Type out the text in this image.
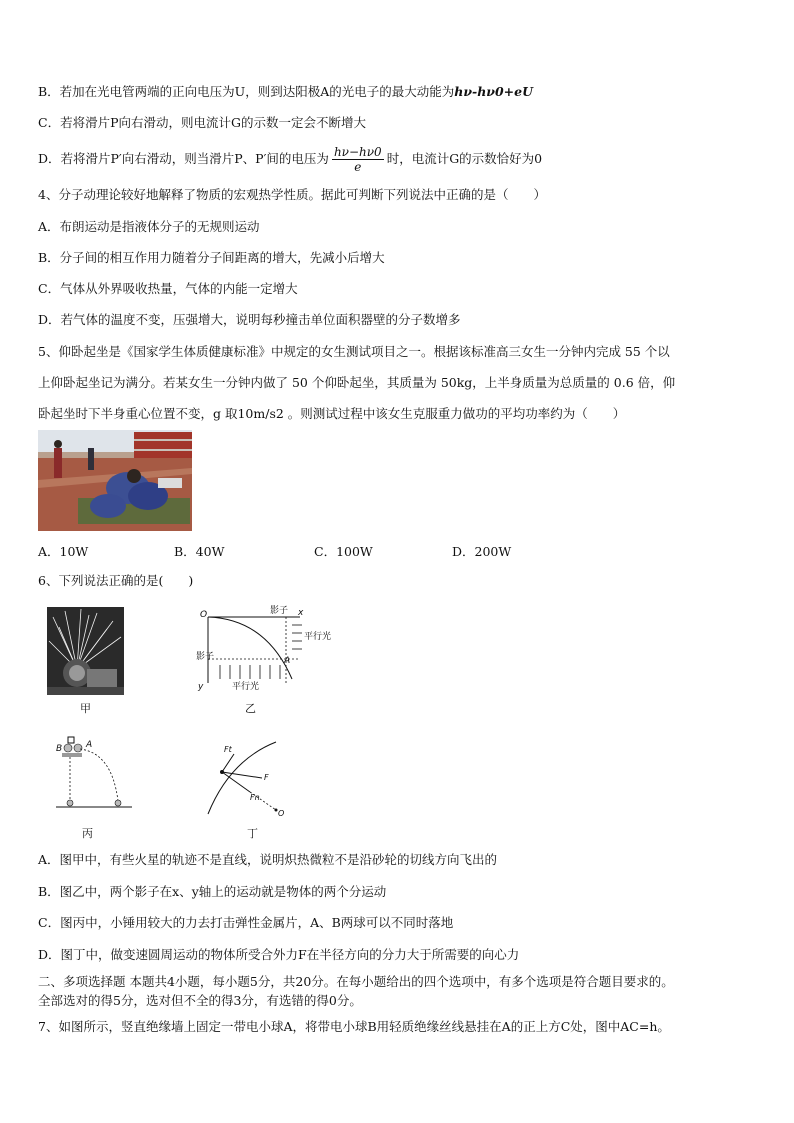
B．若加在光电管两端的正向电压为U，则到达阳极A的光电子的最大动能为hν-hν0+eU
C．若将滑片P向右滑动，则电流计G的示数一定会不断增大
D．若将滑片P′向右滑动，则当滑片P、P′间的电压为 $\frac{h\nu-h\nu 0}{e}$ 时，电流计G的示数恰好为0
4、分子动理论较好地解释了物质的宏观热学性质。据此可判断下列说法中正确的是（　　）
A．布朗运动是指液体分子的无规则运动
B．分子间的相互作用力随着分子间距离的增大，先减小后增大
C．气体从外界吸收热量，气体的内能一定增大
D．若气体的温度不变，压强增大，说明每秒撞击单位面积器壁的分子数增多
5、仰卧起坐是《国家学生体质健康标准》中规定的女生测试项目之一。根据该标准高三女生一分钟内完成 55 个以
上仰卧起坐记为满分。若某女生一分钟内做了 50 个仰卧起坐，其质量为 50kg，上半身质量为总质量的 0.6 倍，仰
卧起坐时下半身重心位置不变，g 取10m/s2 。则测试过程中该女生克服重力做功的平均功率约为（　　）
A．10W	B．40W	C．100W	D．200W
6、下列说法正确的是(　　)
甲
O	影子 x
影子
y	平行光
A
平行光
乙
B	A
丙
Ft
F
Fn
O
丁
A．图甲中，有些火星的轨迹不是直线，说明炽热微粒不是沿砂轮的切线方向飞出的
B．图乙中，两个影子在x、y轴上的运动就是物体的两个分运动
C．图丙中，小锤用较大的力去打击弹性金属片，A、B两球可以不同时落地
D．图丁中，做变速圆周运动的物体所受合外力F在半径方向的分力大于所需要的向心力
二、多项选择题 本题共4小题，每小题5分，共20分。在每小题给出的四个选项中，有多个选项是符合题目要求的。
全部选对的得5分，选对但不全的得3分，有选错的得0分。
7、如图所示，竖直绝缘墙上固定一带电小球A，将带电小球B用轻质绝缘丝线悬挂在A的正上方C处，图中AC=h。
